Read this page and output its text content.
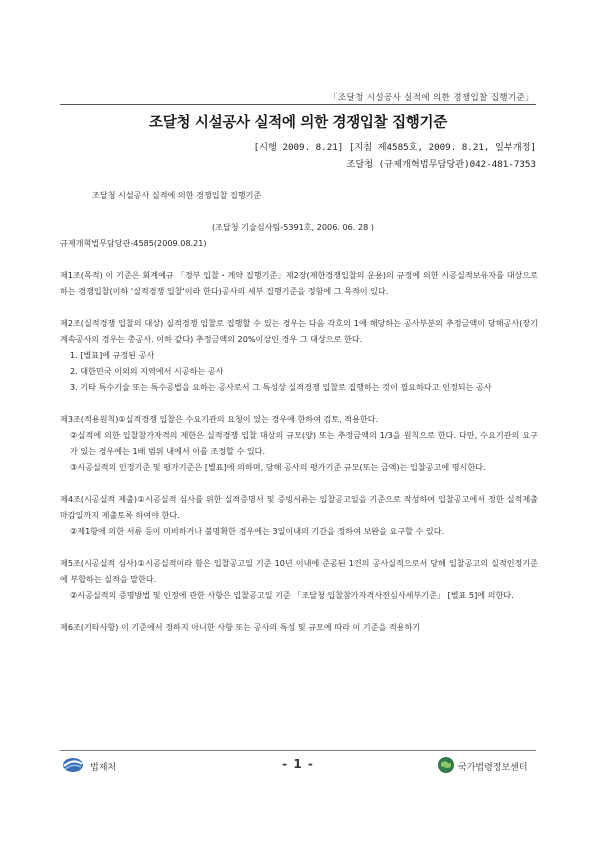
「조달청 시설공사 실적에 의한 경쟁입찰 집행기준」
조달청 시설공사 실적에 의한 경쟁입찰 집행기준
[시행 2009. 8.21] [지침 제4585호, 2009. 8.21, 일부개정]
조달청 (규제개혁법무담당관)042-481-7353

조달청 시설공사 실적에 의한 경쟁입찰 집행기준

(조달청 기술심사팀-5391호, 2006. 06. 28 )

규제개혁법무담당관-4585(2009.08.21)

제1조(목적) 이 기준은 회계예규 「정부 입찰・계약 집행기준」제2장(제한경쟁입찰의 운용)의 규정에 의한 시공실적보유자를 대상으로 하는 경쟁입찰(이하 '실적경쟁 입찰'이라 한다)공사의 세부 집행기준을 정함에 그 목적이 있다.

제2조(실적경쟁 입찰의 대상) 실적경쟁 입찰로 집행할 수 있는 경우는 다음 각호의 1에 해당하는 공사부분의 추정금액이 당해공사(장기계속공사의 경우는 총공사. 이하 같다) 추정금액의 20%이상인 경우 그 대상으로 한다.

1. [별표]에 규정된 공사

2. 대한민국 이외의 지역에서 시공하는 공사

3. 기타 특수기술 또는 특수공법을 요하는 공사로서 그 특성상 실적경쟁 입찰로 집행하는 것이 필요하다고 인정되는 공사

제3조(적용원칙)①실적경쟁 입찰은 수요기관의 요청이 있는 경우에 한하여 검토, 적용한다.

②실적에 의한 입찰참가자격의 제한은 실적경쟁 입찰 대상의 규모(양) 또는 추정금액의 1/3을 원칙으로 한다. 다만, 수요기관의 요구가 있는 경우에는 1배 범위 내에서 이를 조정할 수 있다.

③시공실적의 인정기준 및 평가기준은 [별표]에 의하며, 당해 공사의 평가기준 규모(또는 금액)는 입찰공고에 명시한다.

제4조(시공실적 제출)①시공실적 심사를 위한 실적증명서 및 증빙서류는 입찰공고일을 기준으로 작성하여 입찰공고에서 정한 실적제출 마감일까지 제출토록 하여야 한다.

②제1항에 의한 서류 등이 미비하거나 불명확한 경우에는 3일이내의 기간을 정하여 보완을 요구할 수 있다.

제5조(시공실적 심사)①시공실적이라 함은 입찰공고일 기준 10년 이내에 준공된 1건의 공사실적으로서 당해 입찰공고의 실적인정기준에 부합하는 실적을 말한다.

②시공실적의 증명방법 및 인정에 관한 사항은 입찰공고일 기준 「조달청 입찰참가자격사전심사세부기준」 [별표 5]에 의한다.

제6조(기타사항) 이 기준에서 정하지 아니한 사항 또는 공사의 특성 및 규모에 따라 이 기준을 적용하기

법제처	- 1 -	국가법령정보센터
